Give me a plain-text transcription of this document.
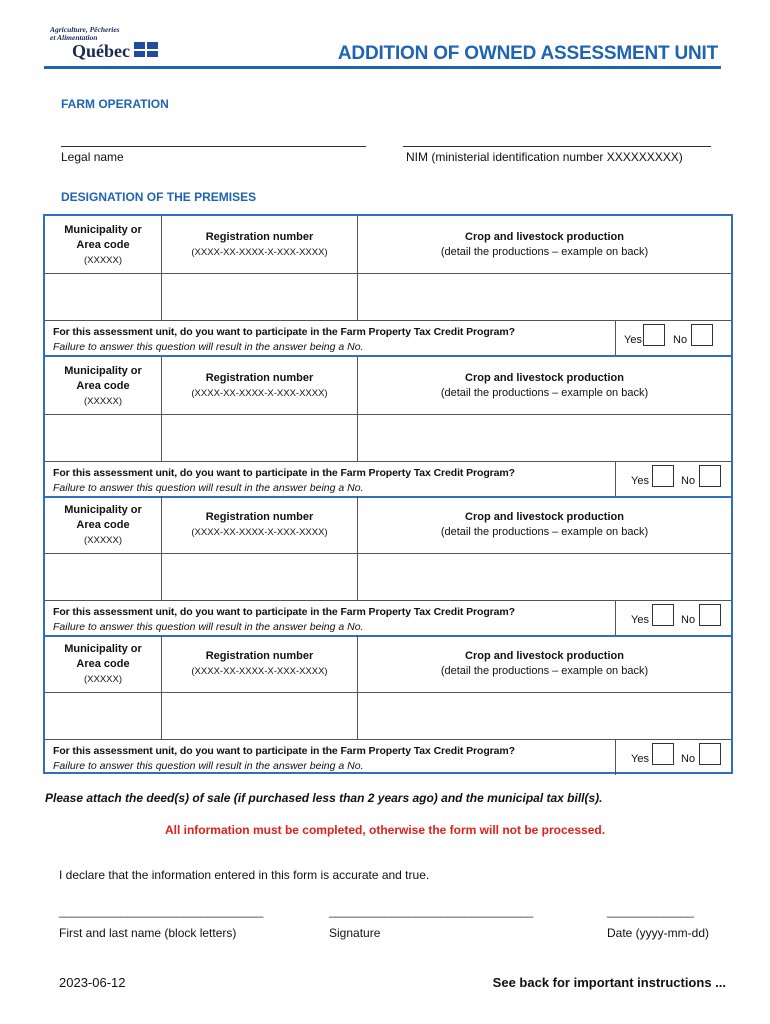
Agriculture, Pêcheries
et Alimentation
Québec	ADDITION OF OWNED ASSESSMENT UNIT
FARM OPERATION
Legal name	NIM (ministerial identification number XXXXXXXXX)
DESIGNATION OF THE PREMISES
Municipality or
Area code
(XXXXX)
Registration number
(XXXX-XX-XXXX-X-XXX-XXXX)
Crop and livestock production
(detail the productions – example on back)
For this assessment unit, do you want to participate in the Farm Property Tax Credit Program?
Failure to answer this question will result in the answer being a No.
Yes	No
Municipality or
Area code
(XXXXX)
Registration number
(XXXX-XX-XXXX-X-XXX-XXXX)
Crop and livestock production
(detail the productions – example on back)
For this assessment unit, do you want to participate in the Farm Property Tax Credit Program?
Failure to answer this question will result in the answer being a No.
Yes	No
Municipality or
Area code
(XXXXX)
Registration number
(XXXX-XX-XXXX-X-XXX-XXXX)
Crop and livestock production
(detail the productions – example on back)
For this assessment unit, do you want to participate in the Farm Property Tax Credit Program?
Failure to answer this question will result in the answer being a No.
Yes	No
Municipality or
Area code
(XXXXX)
Registration number
(XXXX-XX-XXXX-X-XXX-XXXX)
Crop and livestock production
(detail the productions – example on back)
For this assessment unit, do you want to participate in the Farm Property Tax Credit Program?
Failure to answer this question will result in the answer being a No.
Yes	No
Please attach the deed(s) of sale (if purchased less than 2 years ago) and the municipal tax bill(s).
All information must be completed, otherwise the form will not be processed.
I declare that the information entered in this form is accurate and true.
_________________________________	_________________________________	______________
First and last name (block letters)	Signature	Date (yyyy-mm-dd)
2023-06-12	See back for important instructions ...
